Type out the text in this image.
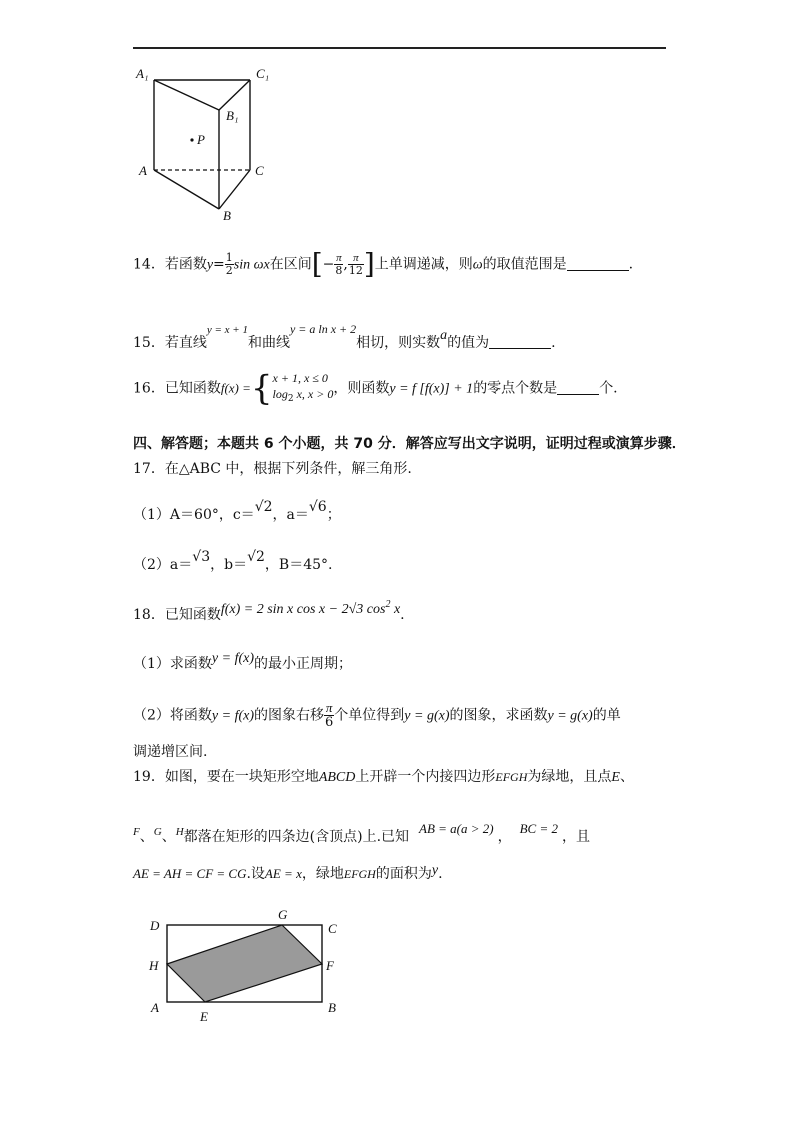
A₁	C₁
B₁
P
A	C
B
14．若函数$y= \frac{1}{2}$ sin ωx在区间[− $\frac{\pi}{8}$ , $\frac{\pi}{12}$ ]上单调递减，则ω的取值范围是	.
15．若直线$^{y = x + 1}$和曲线y = a ln x + 2相切，则实数a的值为	.
16．已知函数f(x) ={ x + 1, x ≤ 0
$\log_2 x$, x > 0 ，则函数y = f [f(x)] + 1的零点个数是	个.
四、解答题；本题共 6 个小题，共 70 分．解答应写出文字说明，证明过程或演算步骤．
17．在△ABC 中，根据下列条件，解三角形.
（1）A＝60°，c＝√2，a＝√6；
（2）a＝√3，b＝√2，B＝45°.
18．已知函数f(x) = 2 sin x cos x − 2√3 $\cos^2 x$.
（1）求函数y = f(x)的最小正周期；
（2）将函数y = f(x)的图象右移 $\frac{\pi}{6}$ 个单位得到y = g(x)的图象，求函数y = g(x)的单
调递增区间.
19．如图，要在一块矩形空地ABCD上开辟一个内接四边形EFGH为绿地，且点E、
$^F$、$^G$、$^H$都落在矩形的四条边(含顶点)上.已知AB = a(a > 2)，BC = 2，且
AE = AH = CF = CG.设AE = x，绿地EFGH的面积为y.
D
G
C
H	F
A
E
B
